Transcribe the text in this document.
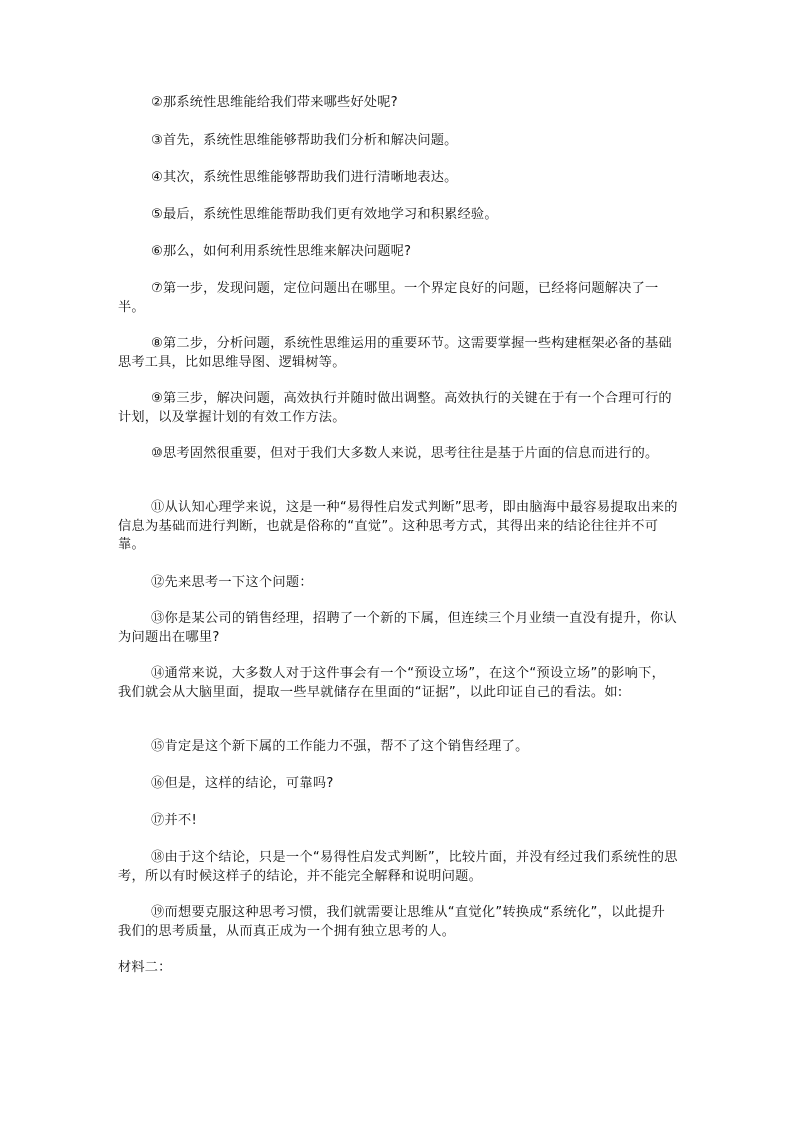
②那系统性思维能给我们带来哪些好处呢?

③首先，系统性思维能够帮助我们分析和解决问题。

④其次，系统性思维能够帮助我们进行清晰地表达。

⑤最后，系统性思维能帮助我们更有效地学习和积累经验。

⑥那么，如何利用系统性思维来解决问题呢?

⑦第一步，发现问题，定位问题出在哪里。一个界定良好的问题，已经将问题解决了一半。

⑧第二步，分析问题，系统性思维运用的重要环节。这需要掌握一些构建框架必备的基础思考工具，比如思维导图、逻辑树等。

⑨第三步，解决问题，高效执行并随时做出调整。高效执行的关键在于有一个合理可行的计划，以及掌握计划的有效工作方法。

⑩思考固然很重要，但对于我们大多数人来说，思考往往是基于片面的信息而进行的。

⑪从认知心理学来说，这是一种“易得性启发式判断”思考，即由脑海中最容易提取出来的信息为基础而进行判断，也就是俗称的“直觉”。这种思考方式，其得出来的结论往往并不可靠。

⑫先来思考一下这个问题：

⑬你是某公司的销售经理，招聘了一个新的下属，但连续三个月业绩一直没有提升，你认为问题出在哪里?

⑭通常来说，大多数人对于这件事会有一个“预设立场”，在这个“预设立场”的影响下，我们就会从大脑里面，提取一些早就储存在里面的“证据”，以此印证自己的看法。如:

⑮肯定是这个新下属的工作能力不强，帮不了这个销售经理了。

⑯但是，这样的结论，可靠吗?

⑰并不!

⑱由于这个结论，只是一个“易得性启发式判断”，比较片面，并没有经过我们系统性的思考，所以有时候这样子的结论，并不能完全解释和说明问题。

⑲而想要克服这种思考习惯，我们就需要让思维从“直觉化”转换成“系统化”，以此提升我们的思考质量，从而真正成为一个拥有独立思考的人。

材料二：
